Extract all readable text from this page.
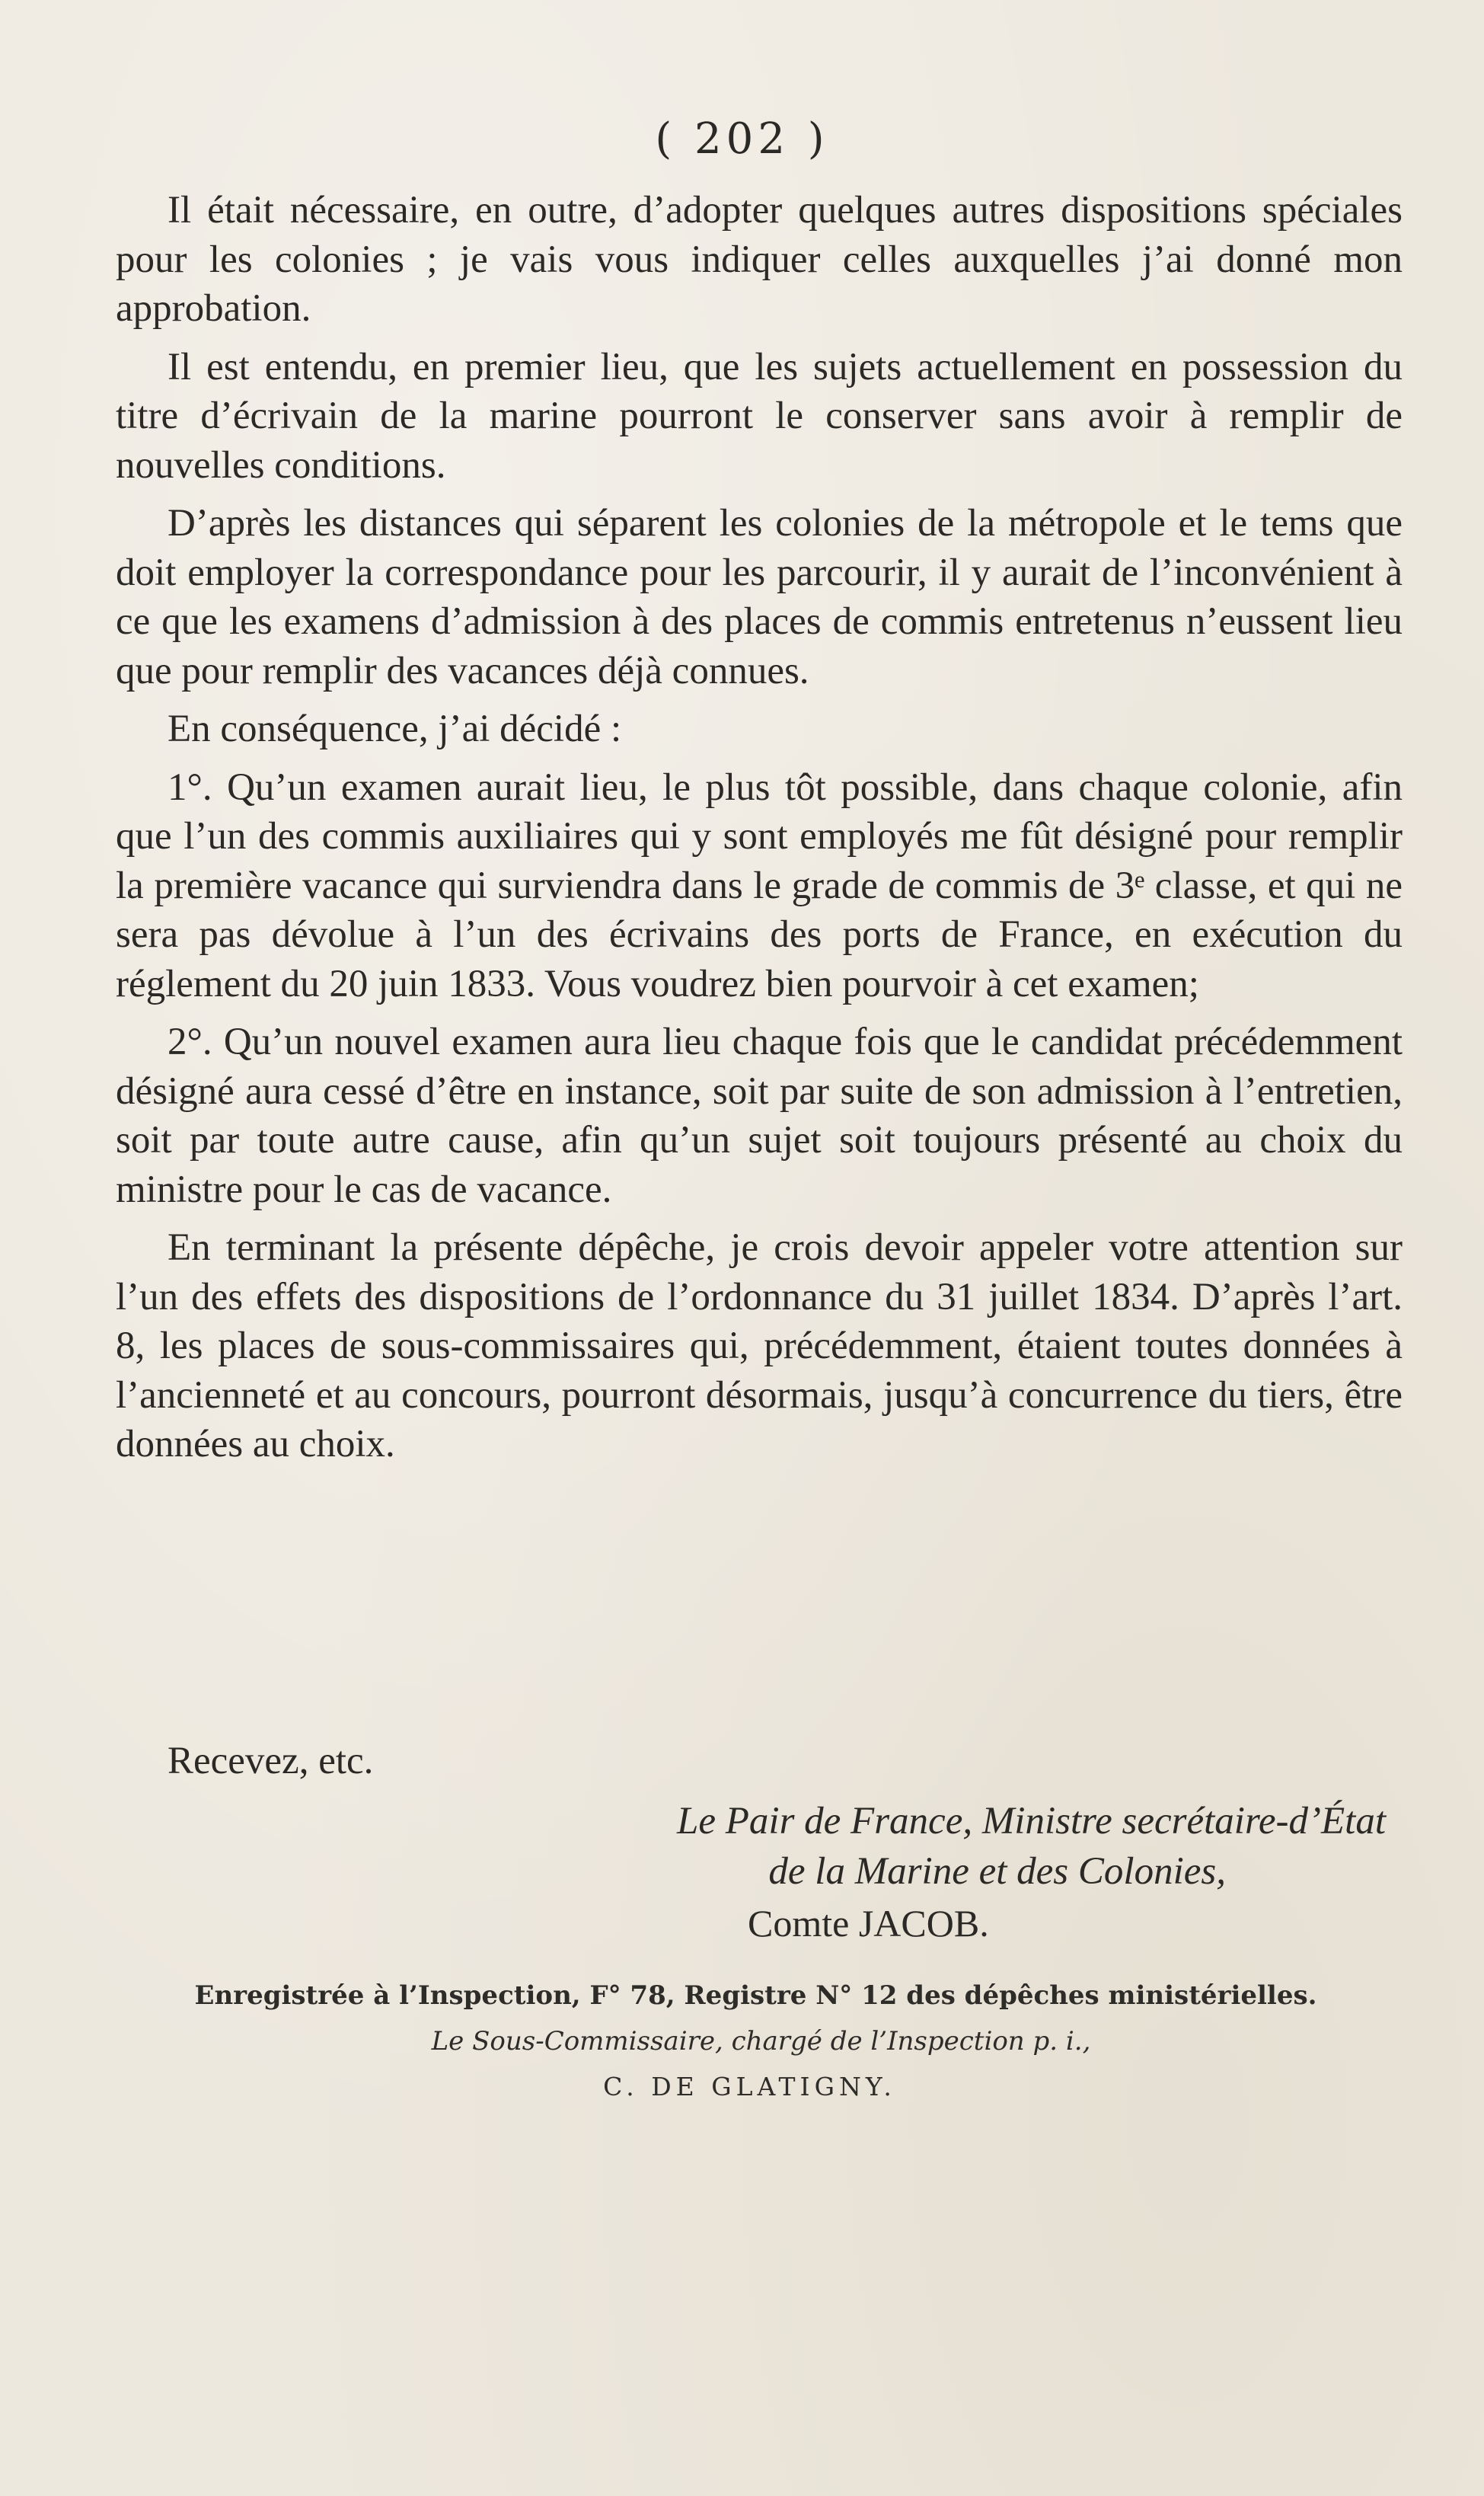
( 202 )

Il était nécessaire, en outre, d’adopter quelques autres dispositions spéciales pour les colonies ; je vais vous indiquer celles auxquelles j’ai donné mon approbation.

Il est entendu, en premier lieu, que les sujets actuellement en possession du titre d’écrivain de la marine pourront le conserver sans avoir à remplir de nouvelles conditions.

D’après les distances qui séparent les colonies de la métropole et le tems que doit employer la correspondance pour les parcourir, il y aurait de l’inconvénient à ce que les examens d’admission à des places de commis entretenus n’eussent lieu que pour remplir des vacances déjà connues.

En conséquence, j’ai décidé :

1°. Qu’un examen aurait lieu, le plus tôt possible, dans chaque colonie, afin que l’un des commis auxiliaires qui y sont employés me fût désigné pour remplir la première vacance qui surviendra dans le grade de commis de 3ᵉ classe, et qui ne sera pas dévolue à l’un des écrivains des ports de France, en exécution du réglement du 20 juin 1833. Vous voudrez bien pourvoir à cet examen;

2°. Qu’un nouvel examen aura lieu chaque fois que le candidat précédemment désigné aura cessé d’être en instance, soit par suite de son admission à l’entretien, soit par toute autre cause, afin qu’un sujet soit toujours présenté au choix du ministre pour le cas de vacance.

En terminant la présente dépêche, je crois devoir appeler votre attention sur l’un des effets des dispositions de l’ordonnance du 31 juillet 1834. D’après l’art. 8, les places de sous-commissaires qui, précédemment, étaient toutes données à l’ancienneté et au concours, pourront désormais, jusqu’à concurrence du tiers, être données au choix.

Recevez, etc.

Le Pair de France, Ministre secrétaire-d’État
de la Marine et des Colonies,

Comte JACOB.

Enregistrée à l’Inspection, F° 78, Registre N° 12 des dépêches ministérielles.

Le Sous-Commissaire, chargé de l’Inspection p. i.,

C. DE GLATIGNY.
